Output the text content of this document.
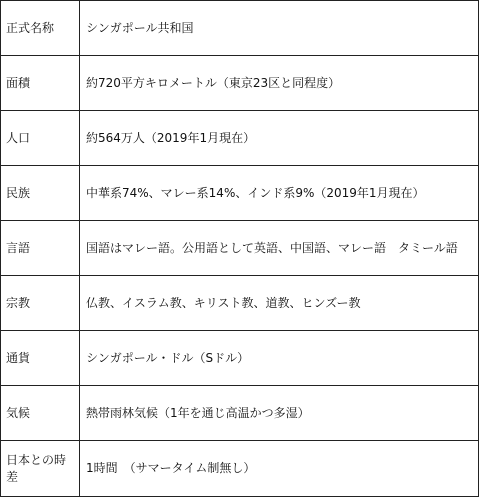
正式名称	シンガポール共和国
面積	約720平方キロメートル（東京23区と同程度）
人口	約564万人（2019年1月現在）
民族	中華系74%、マレー系14%、インド系9%（2019年1月現在）
言語	国語はマレー語。公用語として英語、中国語、マレー語　タミール語
宗教	仏教、イスラム教、キリスト教、道教、ヒンズー教
通貨	シンガポール・ドル（Sドル）
気候	熱帯雨林気候（1年を通じ高温かつ多湿）
日本との時差	1時間　（サマータイム制無し）
